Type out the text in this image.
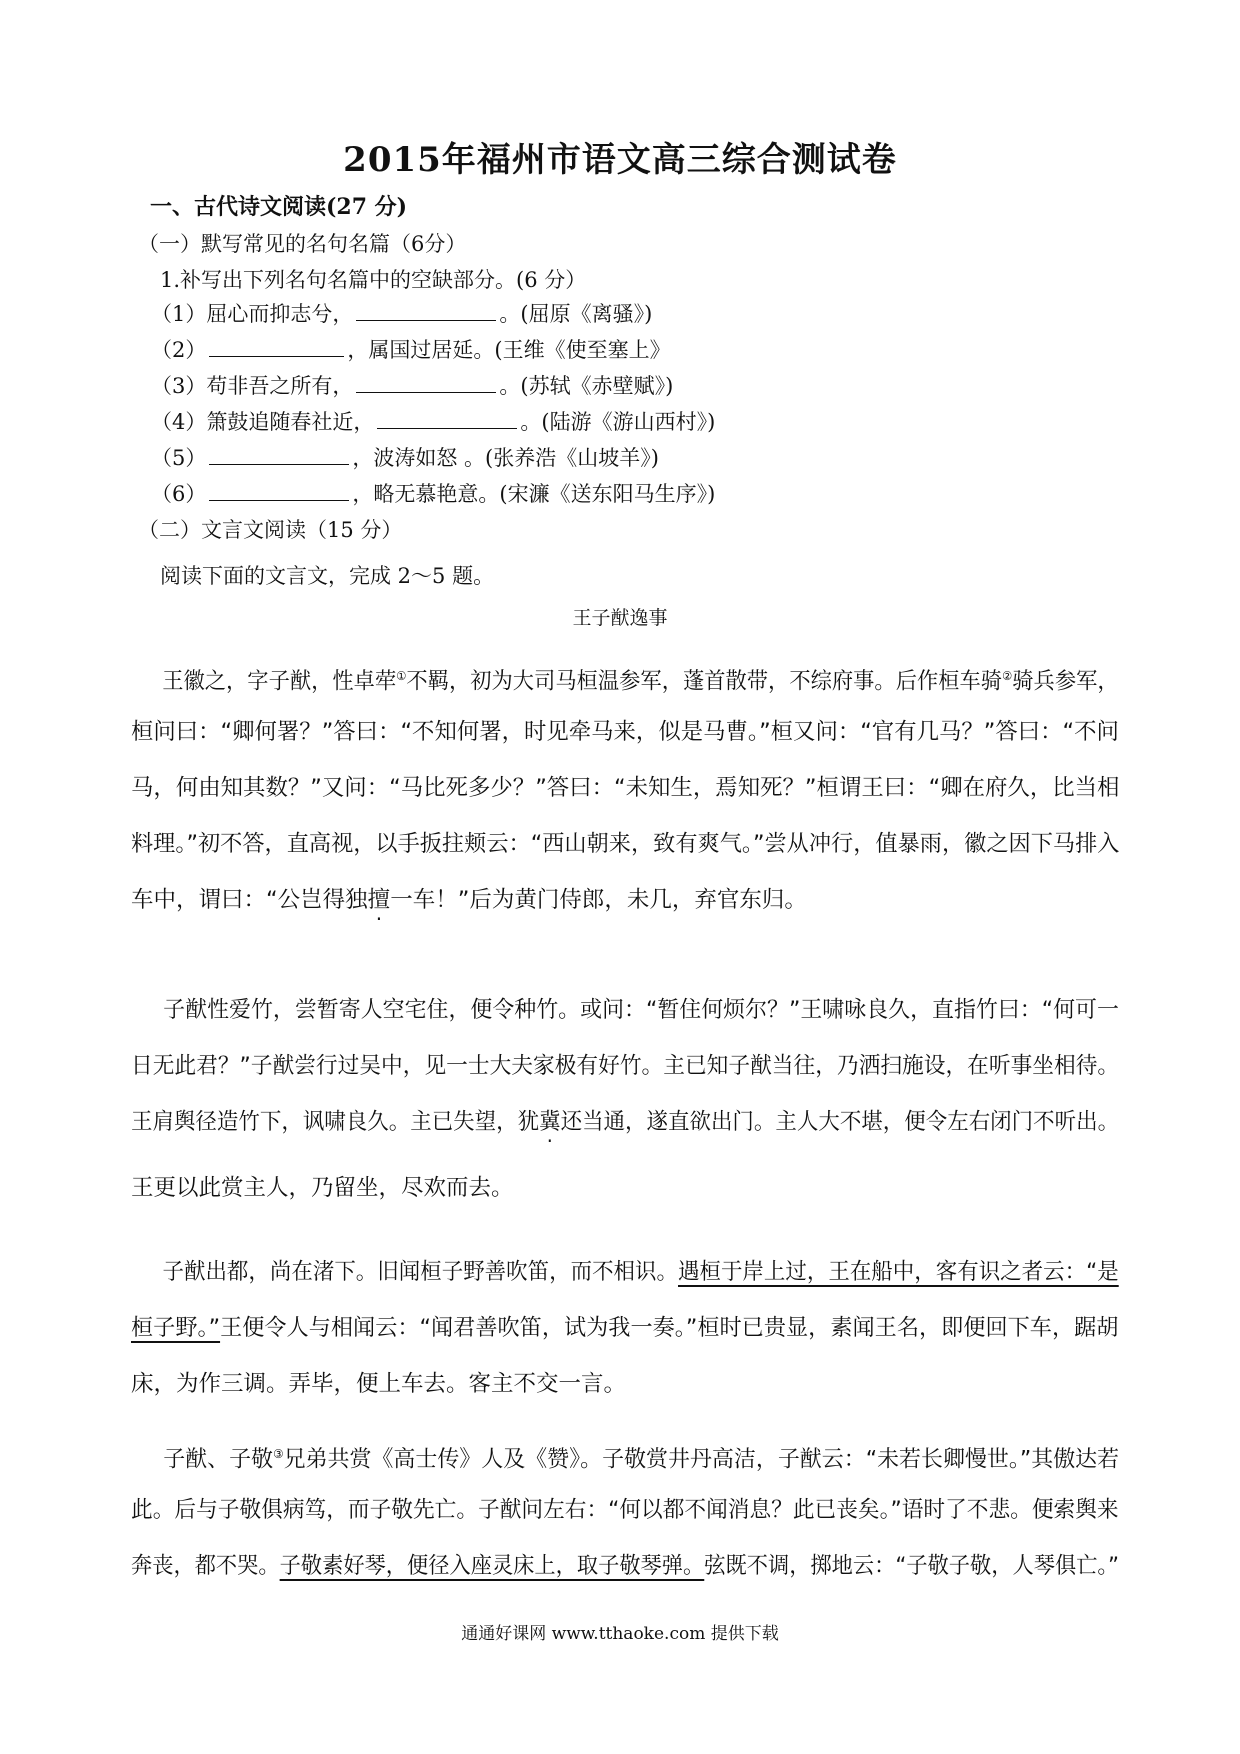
2015年福州市语文高三综合测试卷
一、古代诗文阅读(27 分)
（一）默写常见的名句名篇（6分）
1.补写出下列名句名篇中的空缺部分。(6 分）
（1）屈心而抑志兮，	。(屈原《离骚》)
（2）	，属国过居延。(王维《使至塞上》
（3）苟非吾之所有，	。(苏轼《赤壁赋》)
（4）箫鼓追随春社近，	。(陆游《游山西村》)
（5）	，波涛如怒 。(张养浩《山坡羊》)
（6）	，略无慕艳意。(宋濂《送东阳马生序》)
（二）文言文阅读（15 分）
阅读下面的文言文，完成 2～5 题。
王子猷逸事
王徽之，字子猷，性卓荦①不羁，初为大司马桓温参军，蓬首散带，不综府事。后作桓车骑②骑兵参军，
桓问曰：“卿何署？”答曰：“不知何署，时见牵马来，似是马曹。”桓又问：“官有几马？”答曰：“不问
马，何由知其数？”又问：“马比死多少？”答曰：“未知生，焉知死？”桓谓王曰：“卿在府久，比当相
料理。”初不答，直高视，以手扳拄颊云：“西山朝来，致有爽气。”尝从冲行，值暴雨，徽之因下马排入
车中，谓曰：“公岂得独擅一车！”后为黄门侍郎，未几，弃官东归。
子猷性爱竹，尝暂寄人空宅住，便令种竹。或问：“暂住何烦尔？”王啸咏良久，直指竹曰：“何可一
日无此君？”子猷尝行过吴中，见一士大夫家极有好竹。主已知子猷当往，乃洒扫施设，在听事坐相待。
王肩舆径造竹下，讽啸良久。主已失望，犹冀还当通，遂直欲出门。主人大不堪，便令左右闭门不听出。
王更以此赏主人，乃留坐，尽欢而去。
子猷出都，尚在渚下。旧闻桓子野善吹笛，而不相识。遇桓于岸上过，王在船中，客有识之者云：“是
桓子野。”王便令人与相闻云：“闻君善吹笛，试为我一奏。”桓时已贵显，素闻王名，即便回下车，踞胡
床，为作三调。弄毕，便上车去。客主不交一言。
子猷、子敬③兄弟共赏《高士传》人及《赞》。子敬赏井丹高洁，子猷云：“未若长卿慢世。”其傲达若
此。后与子敬俱病笃，而子敬先亡。子猷问左右：“何以都不闻消息？此已丧矣。”语时了不悲。便索舆来
奔丧，都不哭。子敬素好琴，便径入座灵床上，取子敬琴弹。弦既不调，掷地云：“子敬子敬，人琴俱亡。”
通通好课网 www.tthaoke.com 提供下载
